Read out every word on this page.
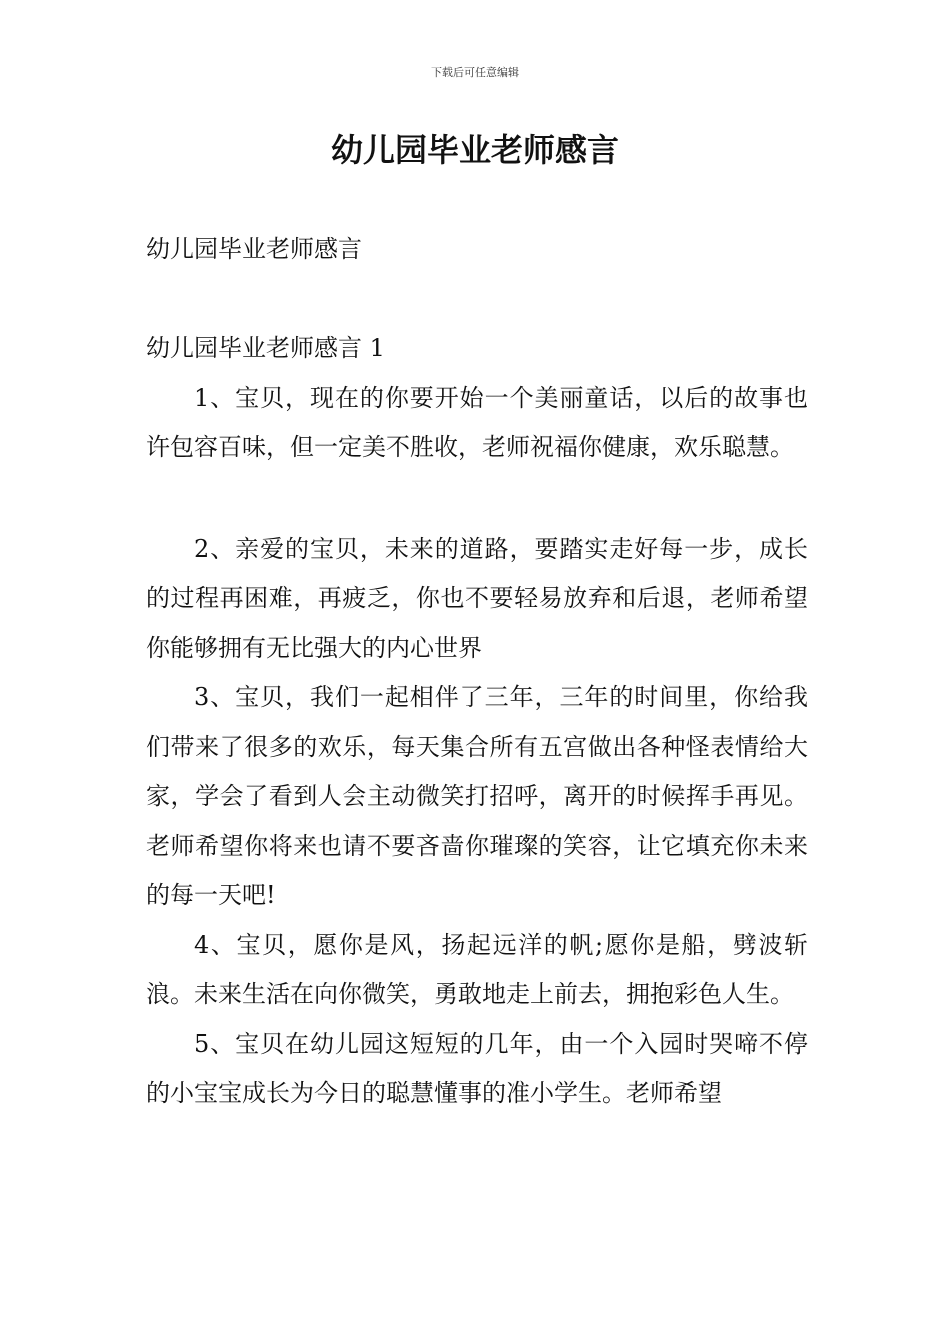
下载后可任意编辑
幼儿园毕业老师感言

幼儿园毕业老师感言

幼儿园毕业老师感言 1

1、宝贝，现在的你要开始一个美丽童话，以后的故事也许包容百味，但一定美不胜收，老师祝福你健康，欢乐聪慧。

2、亲爱的宝贝，未来的道路，要踏实走好每一步，成长的过程再困难，再疲乏，你也不要轻易放弃和后退，老师希望你能够拥有无比强大的内心世界

3、宝贝，我们一起相伴了三年，三年的时间里，你给我们带来了很多的欢乐，每天集合所有五宫做出各种怪表情给大家，学会了看到人会主动微笑打招呼，离开的时候挥手再见。老师希望你将来也请不要吝啬你璀璨的笑容，让它填充你未来的每一天吧!

4、宝贝，愿你是风，扬起远洋的帆;愿你是船，劈波斩浪。未来生活在向你微笑，勇敢地走上前去，拥抱彩色人生。

5、宝贝在幼儿园这短短的几年，由一个入园时哭啼不停的小宝宝成长为今日的聪慧懂事的准小学生。老师希望
